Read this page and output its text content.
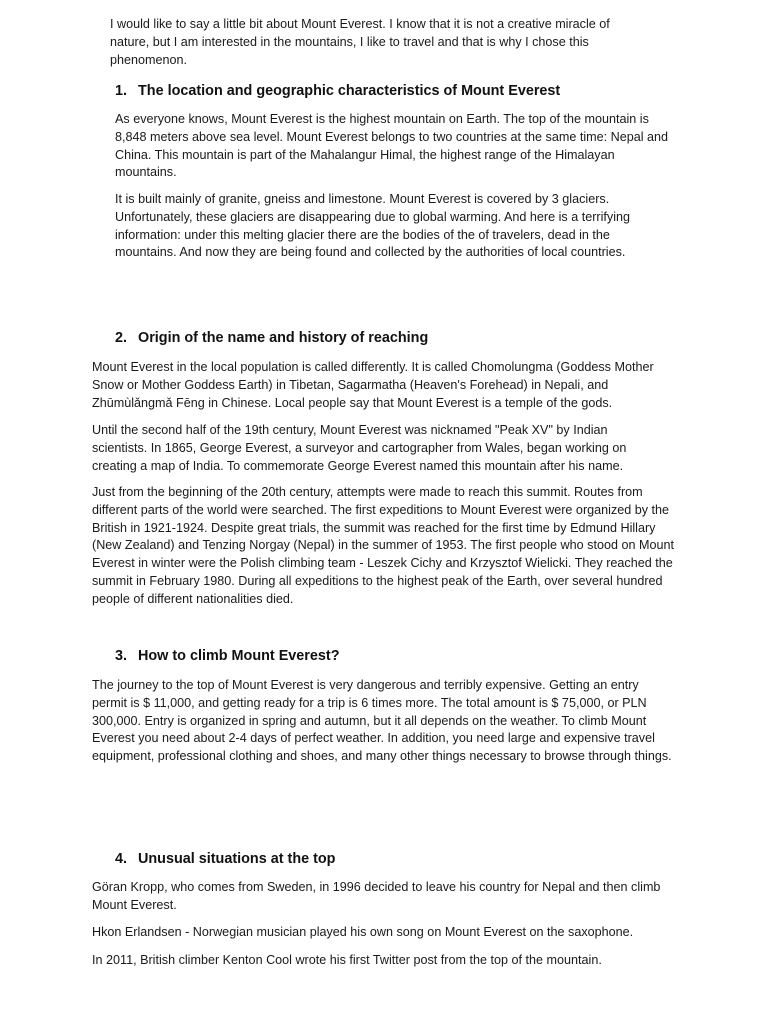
I would like to say a little bit about Mount Everest. I know that it is not a creative miracle of nature, but I am interested in the mountains, I like to travel and that is why I chose this phenomenon.

1. The location and geographic characteristics of Mount Everest

As everyone knows, Mount Everest is the highest mountain on Earth. The top of the mountain is 8,848 meters above sea level. Mount Everest belongs to two countries at the same time: Nepal and China. This mountain is part of the Mahalangur Himal, the highest range of the Himalayan mountains.

It is built mainly of granite, gneiss and limestone. Mount Everest is covered by 3 glaciers. Unfortunately, these glaciers are disappearing due to global warming. And here is a terrifying information: under this melting glacier there are the bodies of the of travelers, dead in the mountains. And now they are being found and collected by the authorities of local countries.

2. Origin of the name and history of reaching

Mount Everest in the local population is called differently. It is called Chomolungma (Goddess Mother Snow or Mother Goddess Earth) in Tibetan, Sagarmatha (Heaven's Forehead) in Nepali, and Zhūmùlǎngmǎ Fēng in Chinese. Local people say that Mount Everest is a temple of the gods.

Until the second half of the 19th century, Mount Everest was nicknamed "Peak XV" by Indian scientists. In 1865, George Everest, a surveyor and cartographer from Wales, began working on creating a map of India. To commemorate George Everest named this mountain after his name.

Just from the beginning of the 20th century, attempts were made to reach this summit. Routes from different parts of the world were searched. The first expeditions to Mount Everest were organized by the British in 1921-1924. Despite great trials, the summit was reached for the first time by Edmund Hillary (New Zealand) and Tenzing Norgay (Nepal) in the summer of 1953. The first people who stood on Mount Everest in winter were the Polish climbing team - Leszek Cichy and Krzysztof Wielicki. They reached the summit in February 1980. During all expeditions to the highest peak of the Earth, over several hundred people of different nationalities died.

3. How to climb Mount Everest?

The journey to the top of Mount Everest is very dangerous and terribly expensive. Getting an entry permit is $ 11,000, and getting ready for a trip is 6 times more. The total amount is $ 75,000, or PLN 300,000. Entry is organized in spring and autumn, but it all depends on the weather. To climb Mount Everest you need about 2-4 days of perfect weather. In addition, you need large and expensive travel equipment, professional clothing and shoes, and many other things necessary to browse through things.

4. Unusual situations at the top

Göran Kropp, who comes from Sweden, in 1996 decided to leave his country for Nepal and then climb Mount Everest.

Hkon Erlandsen - Norwegian musician played his own song on Mount Everest on the saxophone.

In 2011, British climber Kenton Cool wrote his first Twitter post from the top of the mountain.
